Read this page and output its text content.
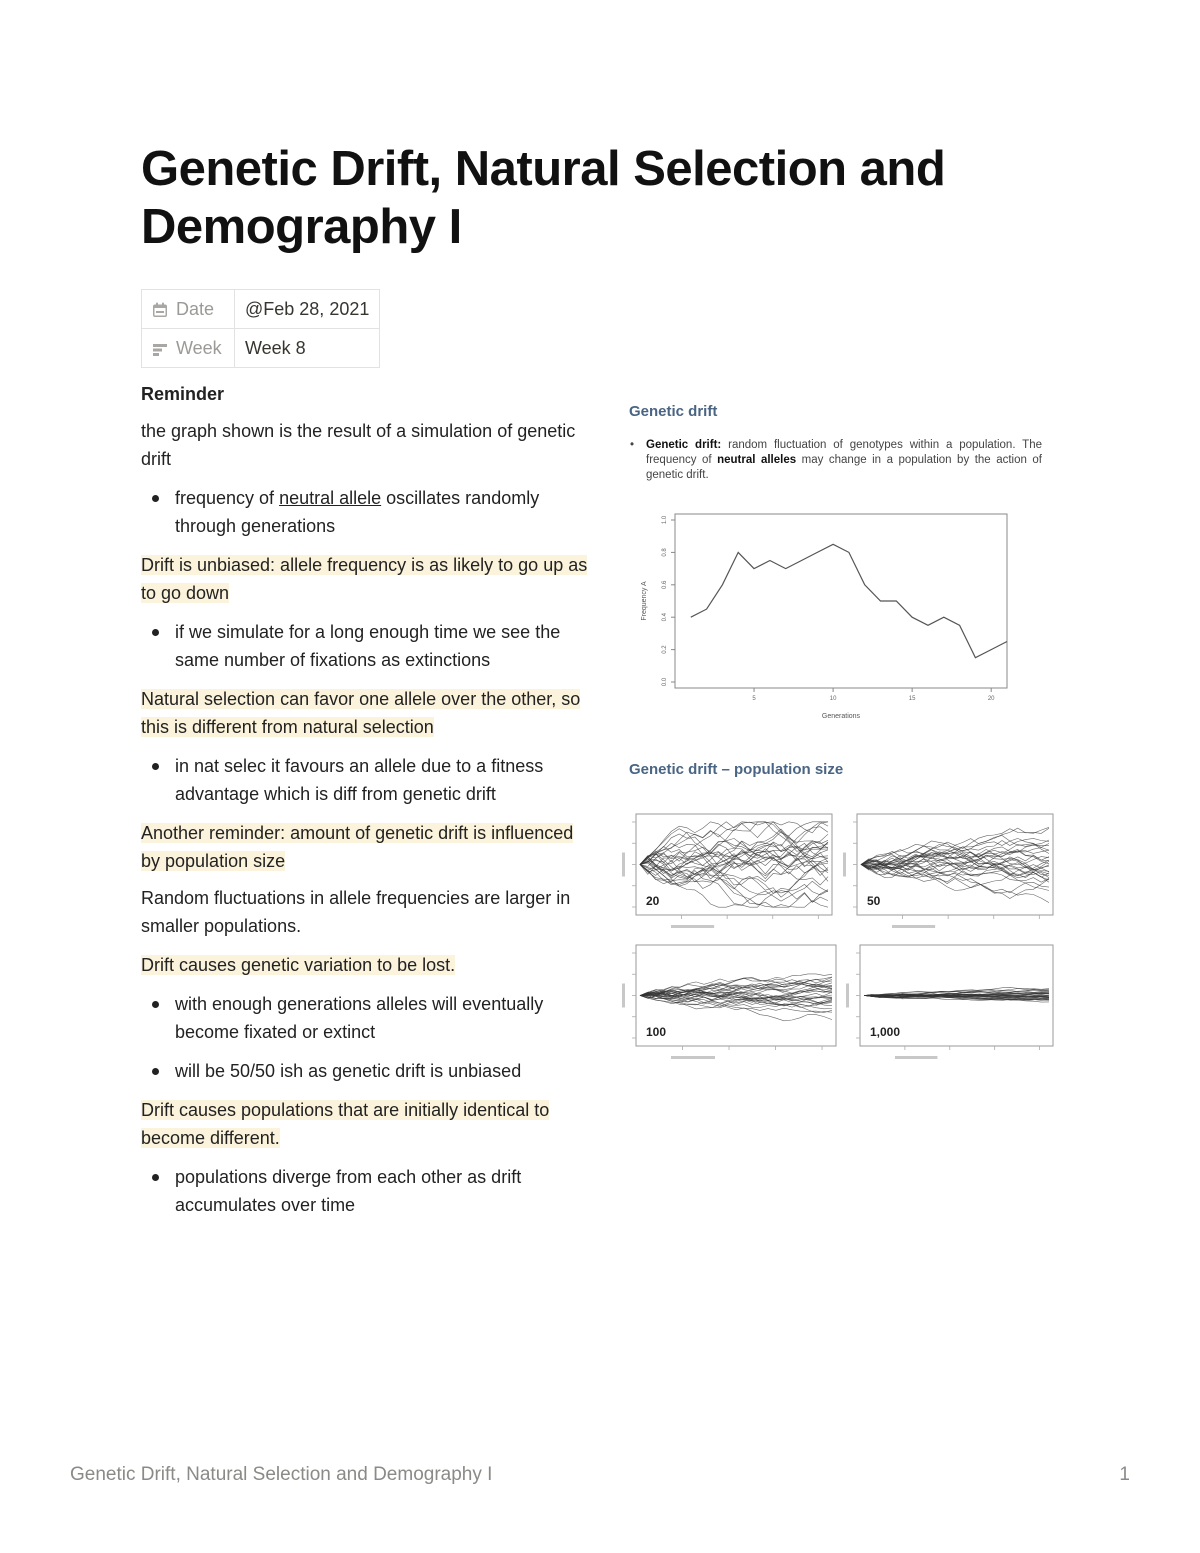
Genetic Drift, Natural Selection and Demography I
Date	@Feb 28, 2021
Week	Week 8

Reminder

the graph shown is the result of a simulation of genetic drift

frequency of neutral allele oscillates randomly through generations

Drift is unbiased: allele frequency is as likely to go up as to go down

if we simulate for a long enough time we see the same number of fixations as extinctions

Natural selection can favor one allele over the other, so this is different from natural selection

in nat selec it favours an allele due to a fitness advantage which is diff from genetic drift

Another reminder: amount of genetic drift is influenced by population size

Random fluctuations in allele frequencies are larger in smaller populations.

Drift causes genetic variation to be lost.

with enough generations alleles will eventually become fixated or extinct
will be 50/50 ish as genetic drift is unbiased

Drift causes populations that are initially identical to become different.

populations diverge from each other as drift accumulates over time

Genetic drift

•	Genetic drift: random fluctuation of genotypes within a population. The frequency of neutral alleles may change in a population by the action of genetic drift.

0.0
0.2
0.4
0.6
0.8
1.0
5	10	15	20
Generations
Frequency A

Genetic drift – population size

20	50
100	1,000

Genetic Drift, Natural Selection and Demography I	1
